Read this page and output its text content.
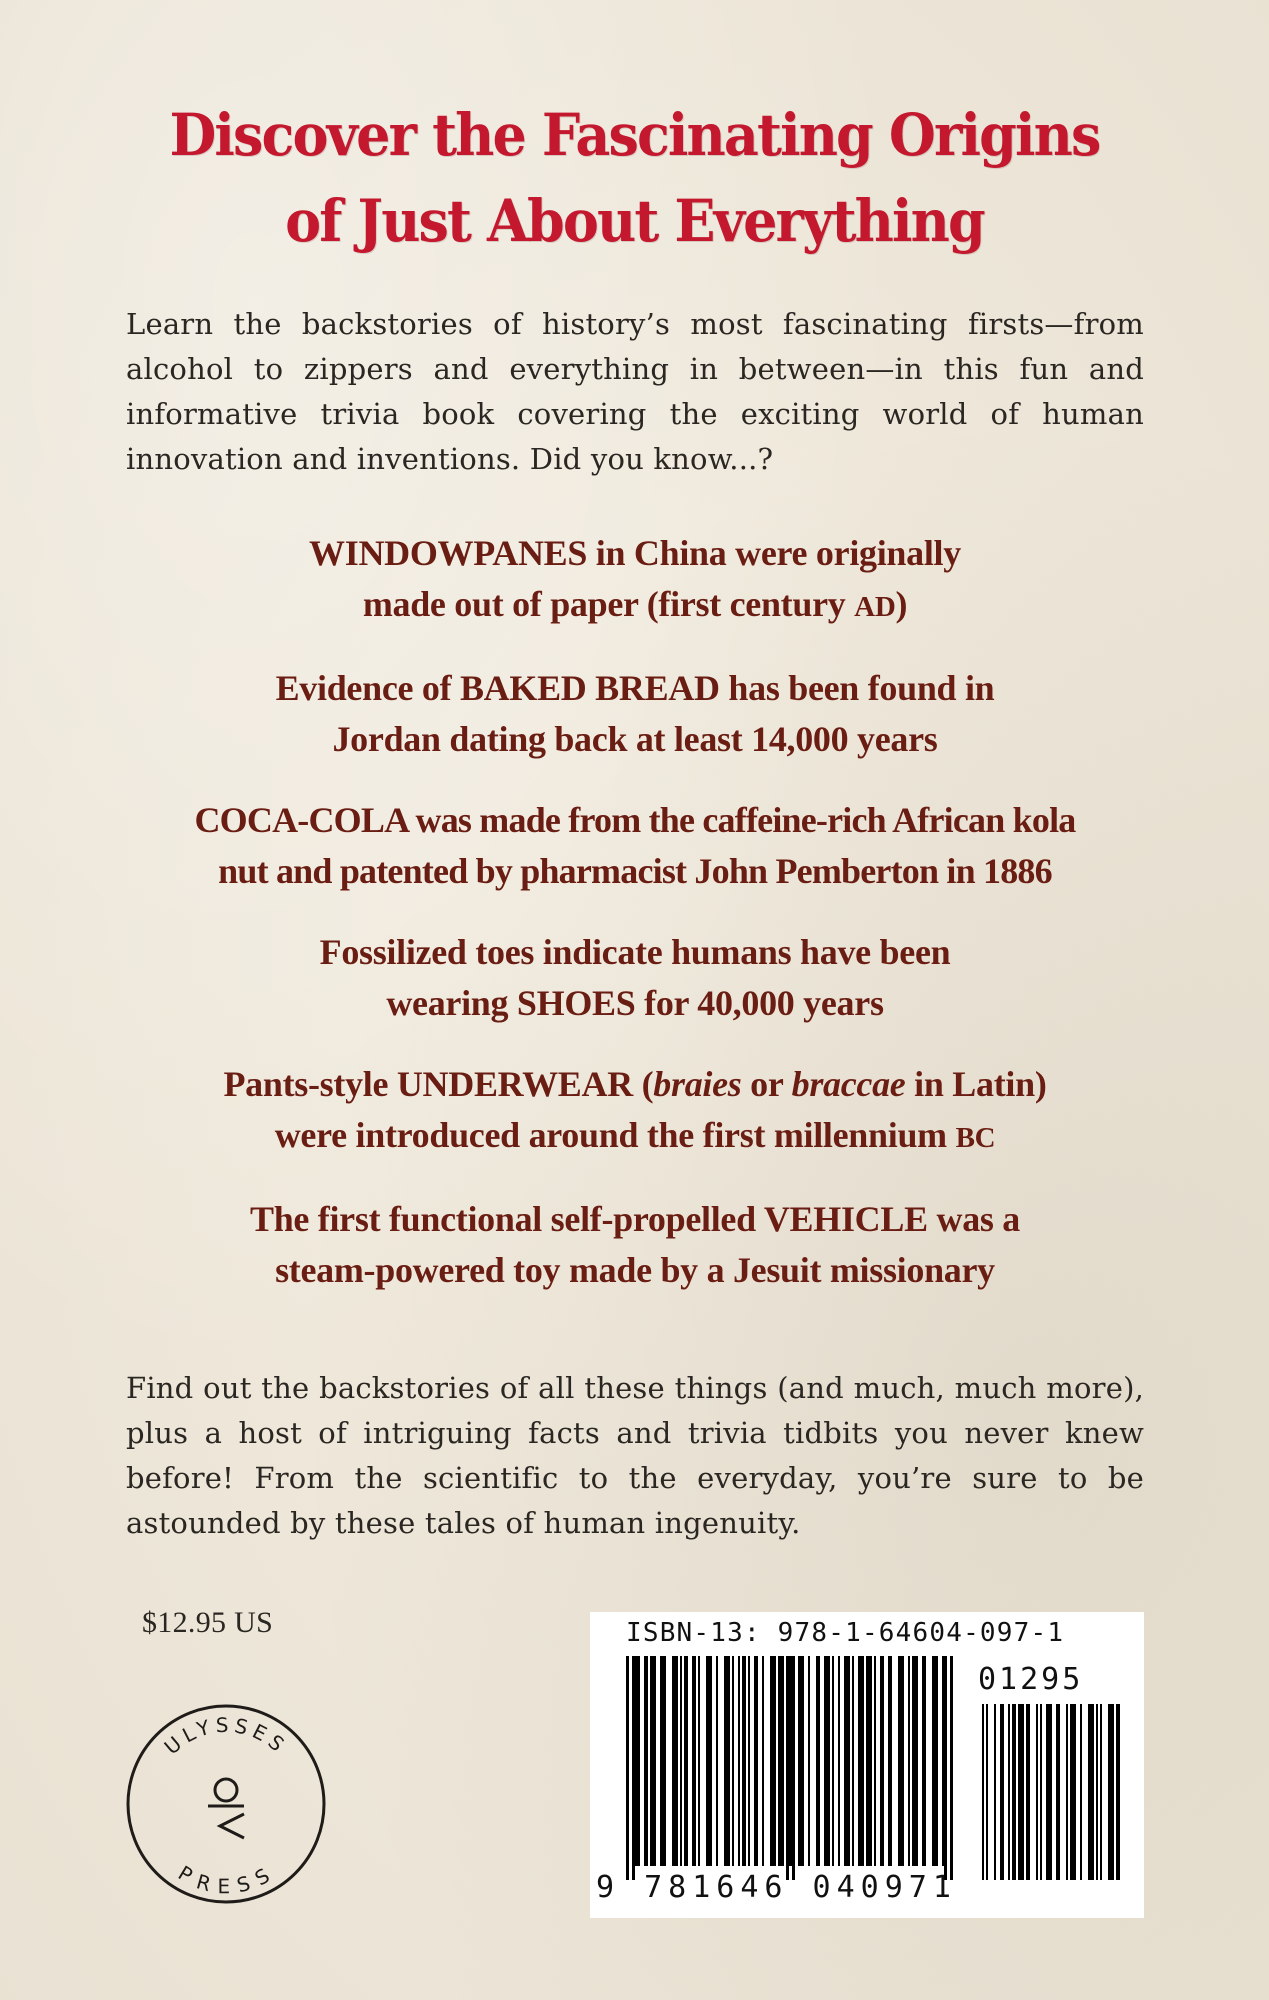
Discover the Fascinating Origins
of Just About Everything

Learn the backstories of history’s most fascinating firsts—from alcohol to zippers and everything in between—in this fun and informative trivia book covering the exciting world of human innovation and inventions. Did you know...?

WINDOWPANES in China were originally
made out of paper (first century AD)

Evidence of BAKED BREAD has been found in
Jordan dating back at least 14,000 years

COCA-COLA was made from the caffeine-rich African kola
nut and patented by pharmacist John Pemberton in 1886

Fossilized toes indicate humans have been
wearing SHOES for 40,000 years

Pants-style UNDERWEAR (braies or braccae in Latin)
were introduced around the first millennium BC

The first functional self-propelled VEHICLE was a
steam-powered toy made by a Jesuit missionary

Find out the backstories of all these things (and much, much more), plus a host of intriguing facts and trivia tidbits you never knew before! From the scientific to the everyday, you’re sure to be astounded by these tales of human ingenuity.

$12.95 US
ULYSSES
PRESS
ISBN-13: 978-1-64604-097-1
01295
9 781646 040971
